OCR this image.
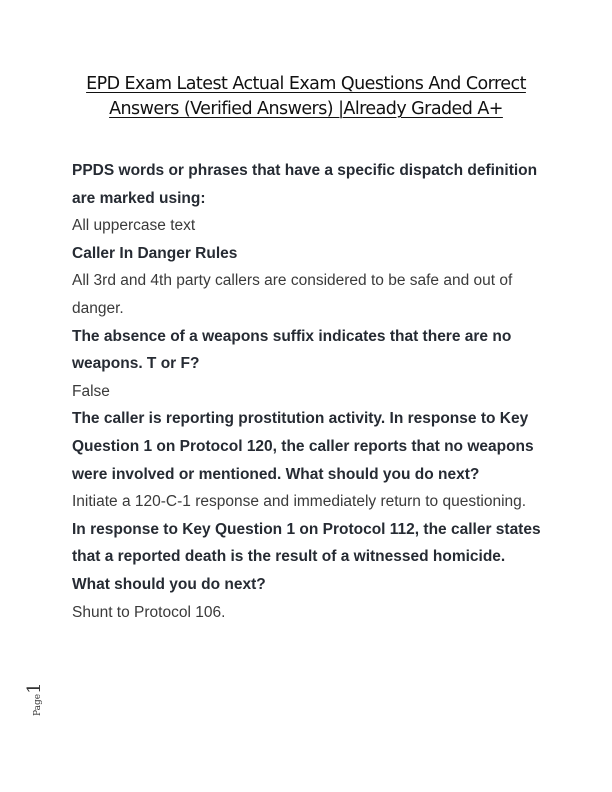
EPD Exam Latest Actual Exam Questions And Correct
Answers (Verified Answers) |Already Graded A+
PPDS words or phrases that have a specific dispatch definition are marked using:
All uppercase text
Caller In Danger Rules
All 3rd and 4th party callers are considered to be safe and out of danger.
The absence of a weapons suffix indicates that there are no weapons. T or F?
False
The caller is reporting prostitution activity. In response to Key Question 1 on Protocol 120, the caller reports that no weapons were involved or mentioned. What should you do next?
Initiate a 120-C-1 response and immediately return to questioning.
In response to Key Question 1 on Protocol 112, the caller states that a reported death is the result of a witnessed homicide. What should you do next?
Shunt to Protocol 106.
Page1
